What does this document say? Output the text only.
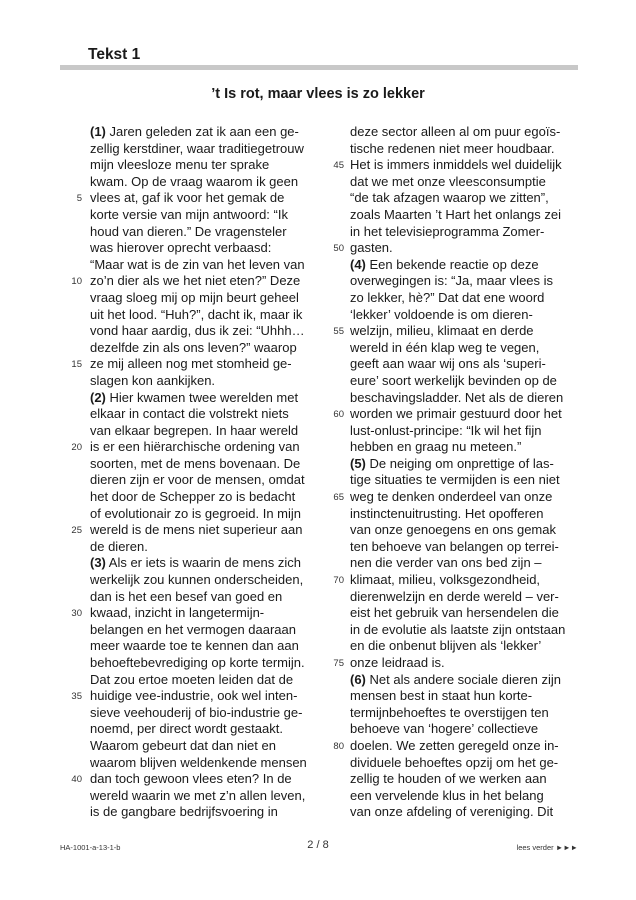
Tekst 1
’t Is rot, maar vlees is zo lekker
(1) Jaren geleden zat ik aan een ge-
zellig kerstdiner, waar traditiegetrouw
mijn vleesloze menu ter sprake
kwam. Op de vraag waarom ik geen
5 vlees at, gaf ik voor het gemak de
korte versie van mijn antwoord: “Ik
houd van dieren.” De vragensteler
was hierover oprecht verbaasd:
“Maar wat is de zin van het leven van
10 zo’n dier als we het niet eten?” Deze
vraag sloeg mij op mijn beurt geheel
uit het lood. “Huh?”, dacht ik, maar ik
vond haar aardig, dus ik zei: “Uhhh…
dezelfde zin als ons leven?” waarop
15 ze mij alleen nog met stomheid ge-
slagen kon aankijken.
(2) Hier kwamen twee werelden met
elkaar in contact die volstrekt niets
van elkaar begrepen. In haar wereld
20 is er een hiërarchische ordening van
soorten, met de mens bovenaan. De
dieren zijn er voor de mensen, omdat
het door de Schepper zo is bedacht
of evolutionair zo is gegroeid. In mijn
25 wereld is de mens niet superieur aan
de dieren.
(3) Als er iets is waarin de mens zich
werkelijk zou kunnen onderscheiden,
dan is het een besef van goed en
30 kwaad, inzicht in langetermijn-
belangen en het vermogen daaraan
meer waarde toe te kennen dan aan
behoeftebevrediging op korte termijn.
Dat zou ertoe moeten leiden dat de
35 huidige vee-industrie, ook wel inten-
sieve veehouderij of bio-industrie ge-
noemd, per direct wordt gestaakt.
Waarom gebeurt dat dan niet en
waarom blijven weldenkende mensen
40 dan toch gewoon vlees eten? In de
wereld waarin we met z’n allen leven,
is de gangbare bedrijfsvoering in
deze sector alleen al om puur egoïs-
tische redenen niet meer houdbaar.
45 Het is immers inmiddels wel duidelijk
dat we met onze vleesconsumptie
“de tak afzagen waarop we zitten”,
zoals Maarten ’t Hart het onlangs zei
in het televisieprogramma Zomer-
50 gasten.
(4) Een bekende reactie op deze
overwegingen is: “Ja, maar vlees is
zo lekker, hè?” Dat dat ene woord
‘lekker’ voldoende is om dieren-
55 welzijn, milieu, klimaat en derde
wereld in één klap weg te vegen,
geeft aan waar wij ons als ‘superi-
eure’ soort werkelijk bevinden op de
beschavingsladder. Net als de dieren
60 worden we primair gestuurd door het
lust-onlust-principe: “Ik wil het fijn
hebben en graag nu meteen.”
(5) De neiging om onprettige of las-
tige situaties te vermijden is een niet
65 weg te denken onderdeel van onze
instinctenuitrusting. Het opofferen
van onze genoegens en ons gemak
ten behoeve van belangen op terrei-
nen die verder van ons bed zijn –
70 klimaat, milieu, volksgezondheid,
dierenwelzijn en derde wereld – ver-
eist het gebruik van hersendelen die
in de evolutie als laatste zijn ontstaan
en die onbenut blijven als ‘lekker’
75 onze leidraad is.
(6) Net als andere sociale dieren zijn
mensen best in staat hun korte-
termijnbehoeftes te overstijgen ten
behoeve van ‘hogere’ collectieve
80 doelen. We zetten geregeld onze in-
dividuele behoeftes opzij om het ge-
zellig te houden of we werken aan
een vervelende klus in het belang
van onze afdeling of vereniging. Dit
HA-1001-a-13-1-b	2 / 8	lees verder ►►►
